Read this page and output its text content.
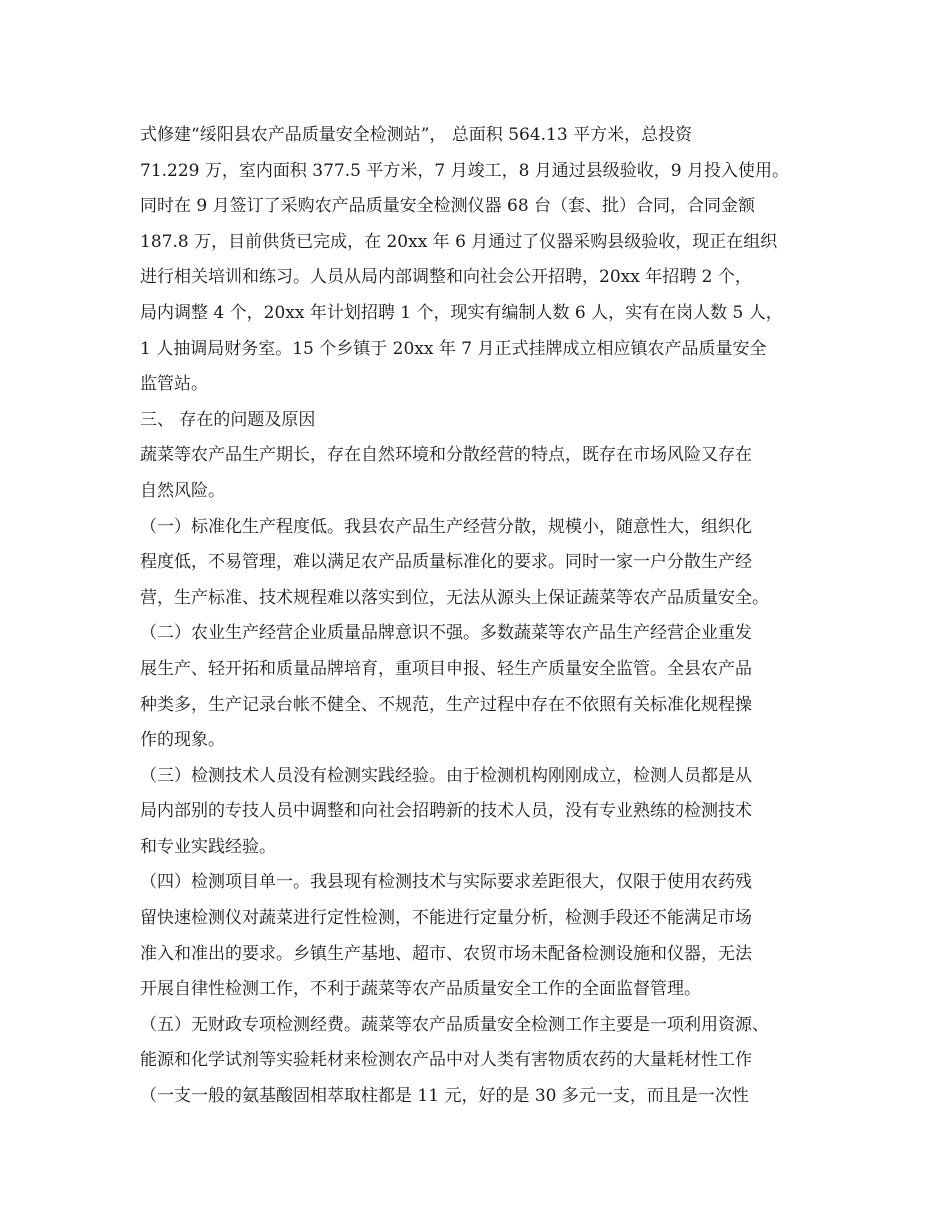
式修建“绥阳县农产品质量安全检测站”， 总面积 564.13 平方米，总投资
71.229 万，室内面积 377.5 平方米，7 月竣工，8 月通过县级验收，9 月投入使用。
同时在 9 月签订了采购农产品质量安全检测仪器 68 台（套、批）合同，合同金额
187.8 万，目前供货已完成，在 20xx 年 6 月通过了仪器采购县级验收，现正在组织
进行相关培训和练习。人员从局内部调整和向社会公开招聘，20xx 年招聘 2 个，
局内调整 4 个，20xx 年计划招聘 1 个，现实有编制人数 6 人，实有在岗人数 5 人，
1 人抽调局财务室。15 个乡镇于 20xx 年 7 月正式挂牌成立相应镇农产品质量安全
监管站。
三、 存在的问题及原因
蔬菜等农产品生产期长，存在自然环境和分散经营的特点，既存在市场风险又存在
自然风险。
（一）标准化生产程度低。我县农产品生产经营分散，规模小，随意性大，组织化
程度低，不易管理，难以满足农产品质量标准化的要求。同时一家一户分散生产经
营，生产标准、技术规程难以落实到位，无法从源头上保证蔬菜等农产品质量安全。
（二）农业生产经营企业质量品牌意识不强。多数蔬菜等农产品生产经营企业重发
展生产、轻开拓和质量品牌培育，重项目申报、轻生产质量安全监管。全县农产品
种类多，生产记录台帐不健全、不规范，生产过程中存在不依照有关标准化规程操
作的现象。
（三）检测技术人员没有检测实践经验。由于检测机构刚刚成立，检测人员都是从
局内部别的专技人员中调整和向社会招聘新的技术人员，没有专业熟练的检测技术
和专业实践经验。
（四）检测项目单一。我县现有检测技术与实际要求差距很大，仅限于使用农药残
留快速检测仪对蔬菜进行定性检测，不能进行定量分析，检测手段还不能满足市场
准入和准出的要求。乡镇生产基地、超市、农贸市场未配备检测设施和仪器，无法
开展自律性检测工作，不利于蔬菜等农产品质量安全工作的全面监督管理。
（五）无财政专项检测经费。蔬菜等农产品质量安全检测工作主要是一项利用资源、
能源和化学试剂等实验耗材来检测农产品中对人类有害物质农药的大量耗材性工作
（一支一般的氨基酸固相萃取柱都是 11 元，好的是 30 多元一支，而且是一次性
